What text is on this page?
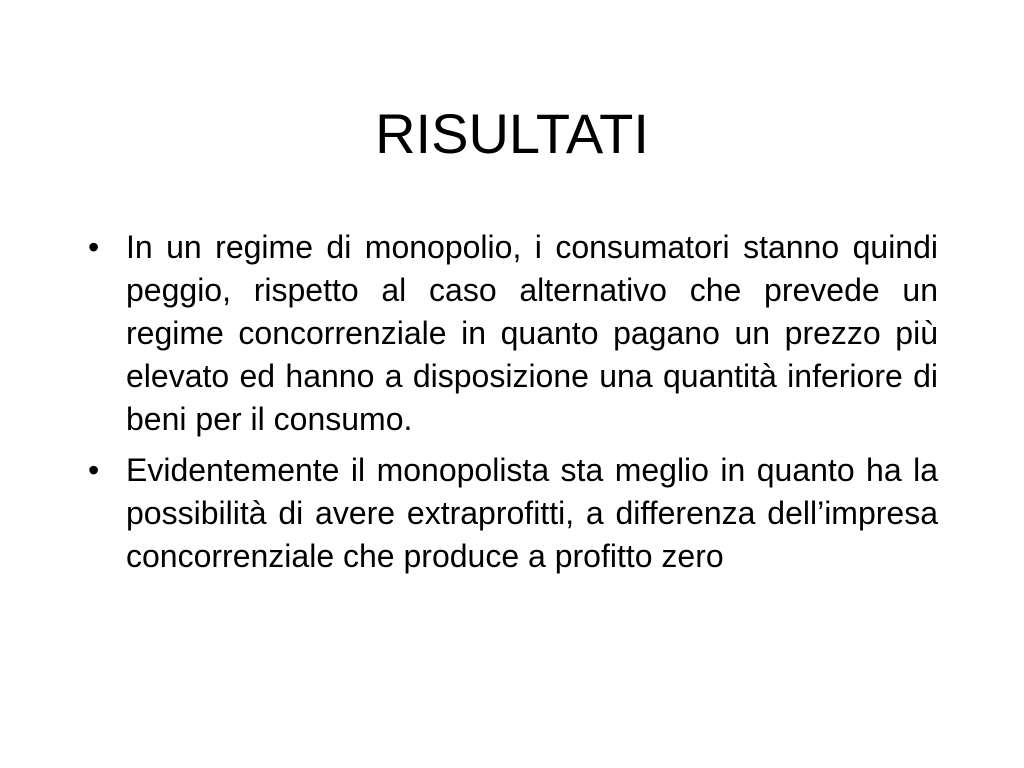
RISULTATI
• In un regime di monopolio, i consumatori stanno quindi peggio, rispetto al caso alternativo che prevede un regime concorrenziale in quanto pagano un prezzo più elevato ed hanno a disposizione una quantità inferiore di beni per il consumo.
• Evidentemente il monopolista sta meglio in quanto ha la possibilità di avere extraprofitti, a differenza dell’impresa concorrenziale che produce a profitto zero
